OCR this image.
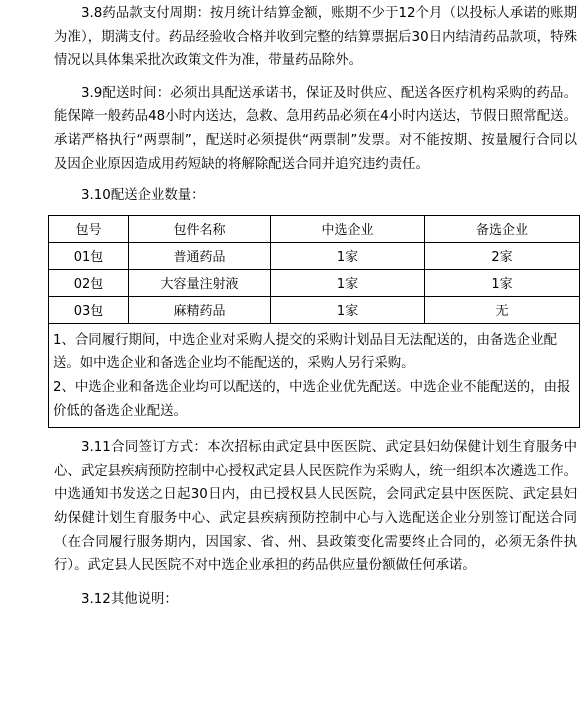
3.8药品款支付周期：按月统计结算金额，账期不少于12个月（以投标人承诺的账期为准），期满支付。药品经验收合格并收到完整的结算票据后30日内结清药品款项，特殊情况以具体集采批次政策文件为准，带量药品除外。

3.9配送时间：必须出具配送承诺书，保证及时供应、配送各医疗机构采购的药品。能保障一般药品48小时内送达，急救、急用药品必须在4小时内送达，节假日照常配送。承诺严格执行“两票制”，配送时必须提供“两票制”发票。对不能按期、按量履行合同以及因企业原因造成用药短缺的将解除配送合同并追究违约责任。

3.10配送企业数量：

包号	包件名称	中选企业	备选企业
01包	普通药品	1家	2家
02包	大容量注射液	1家	1家
03包	麻精药品	1家	无

1、合同履行期间，中选企业对采购人提交的采购计划品目无法配送的，由备选企业配送。如中选企业和备选企业均不能配送的，采购人另行采购。
2、中选企业和备选企业均可以配送的，中选企业优先配送。中选企业不能配送的，由报价低的备选企业配送。			

3.11合同签订方式：本次招标由武定县中医医院、武定县妇幼保健计划生育服务中心、武定县疾病预防控制中心授权武定县人民医院作为采购人，统一组织本次遴选工作。中选通知书发送之日起30日内，由已授权县人民医院，会同武定县中医医院、武定县妇幼保健计划生育服务中心、武定县疾病预防控制中心与入选配送企业分别签订配送合同（在合同履行服务期内，因国家、省、州、县政策变化需要终止合同的，必须无条件执行）。武定县人民医院不对中选企业承担的药品供应量份额做任何承诺。

3.12其他说明：
